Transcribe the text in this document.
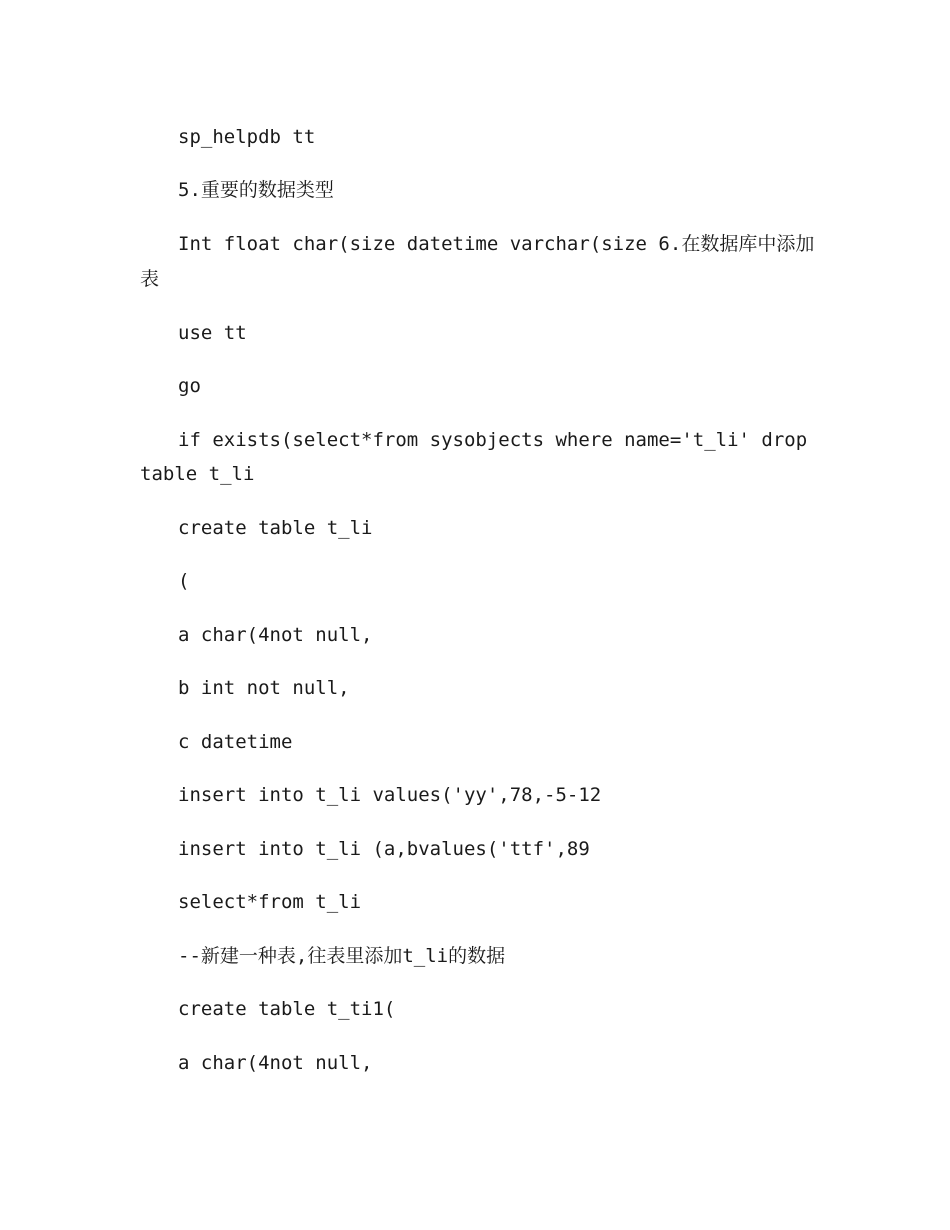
sp_helpdb tt
5.重要的数据类型
Int float char(size datetime varchar(size 6.在数据库中添加
表
use tt
go
if exists(select*from sysobjects where name='t_li' drop
table t_li
create table t_li
(
a char(4not null,
b int not null,
c datetime
insert into t_li values('yy',78,-5-12
insert into t_li (a,bvalues('ttf',89
select*from t_li
--新建一种表,往表里添加t_li的数据
create table t_ti1(
a char(4not null,
